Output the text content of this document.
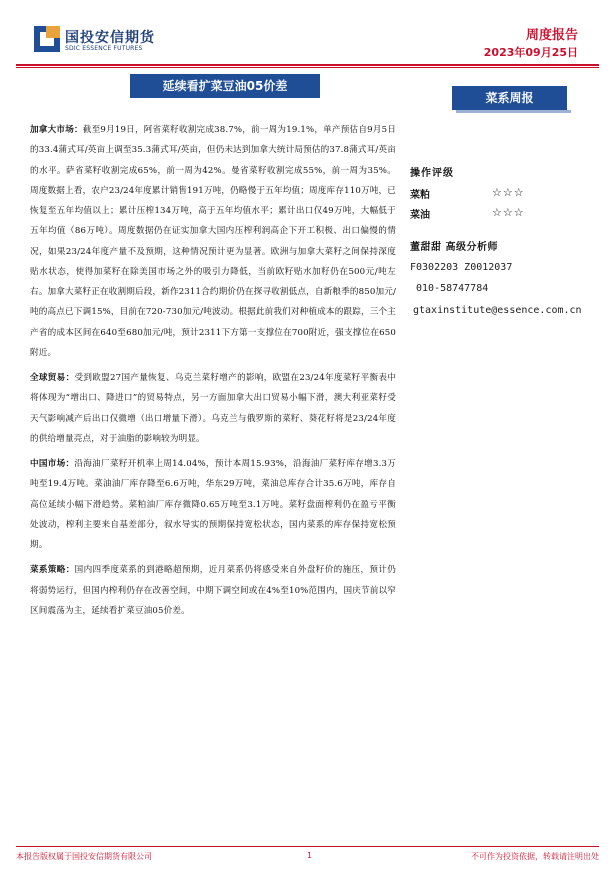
国投安信期货
SDIC ESSENCE FUTURES
周度报告
2023年09月25日
延续看扩菜豆油05价差
菜系周报

加拿大市场：截至9月19日，阿省菜籽收割完成38.7%，前一周为19.1%，单产预估自9月5日的33.4蒲式耳/英亩上调至35.3蒲式耳/英亩，但仍未达到加拿大统计局预估的37.8蒲式耳/英亩的水平。萨省菜籽收割完成65%，前一周为42%。曼省菜籽收割完成55%，前一周为35%。周度数据上看，农户23/24年度累计销售191万吨，仍略慢于五年均值；周度库存110万吨，已恢复至五年均值以上；累计压榨134万吨，高于五年均值水平；累计出口仅49万吨，大幅低于五年均值（86万吨）。周度数据仍在证实加拿大国内压榨利润高企下开工积极、出口偏慢的情况，如果23/24年度产量不及预期，这种情况预计更为显著。欧洲与加拿大菜籽之间保持深度贴水状态，使得加菜籽在除美国市场之外的吸引力降低，当前欧籽贴水加籽仍在500元/吨左右。加拿大菜籽正在收割期后段，新作2311合约期价仍在探寻收割低点，自新粮季的850加元/吨的高点已下调15%，目前在720-730加元/吨波动。根据此前我们对种植成本的跟踪，三个主产省的成本区间在640至680加元/吨，预计2311下方第一支撑位在700附近，强支撑位在650附近。

全球贸易：受到欧盟27国产量恢复、乌克兰菜籽增产的影响，欧盟在23/24年度菜籽平衡表中将体现为“增出口、降进口”的贸易特点，另一方面加拿大出口贸易小幅下滑，澳大利亚菜籽受天气影响减产后出口仅微增（出口增量下滑）。乌克兰与俄罗斯的菜籽、葵花籽将是23/24年度的供给增量亮点，对于油脂的影响较为明显。

中国市场：沿海油厂菜籽开机率上周14.04%，预计本周15.93%，沿海油厂菜籽库存增3.3万吨至19.4万吨。菜油油厂库存降至6.6万吨，华东29万吨，菜油总库存合计35.6万吨，库存自高位延续小幅下滑趋势。菜粕油厂库存微降0.65万吨至3.1万吨。菜籽盘面榨利仍在盈亏平衡处波动，榨利主要来自基差部分，叙水导实的预期保持宽松状态，国内菜系的库存保持宽松预期。

菜系策略：国内四季度菜系的到港略超预期，近月菜系仍将感受来自外盘籽价的施压，预计仍将弱势运行，但国内榨利仍存在改善空间，中期下调空间或在4%至10%范围内，国庆节前以窄区间震荡为主，延续看扩菜豆油05价差。

操作评级
菜粕	☆☆☆
菜油	☆☆☆
董甜甜 高级分析师
F0302203 Z0012037
010-58747784
gtaxinstitute@essence.com.cn
本报告版权属于国投安信期货有限公司	1	不可作为投资依据，转载请注明出处
